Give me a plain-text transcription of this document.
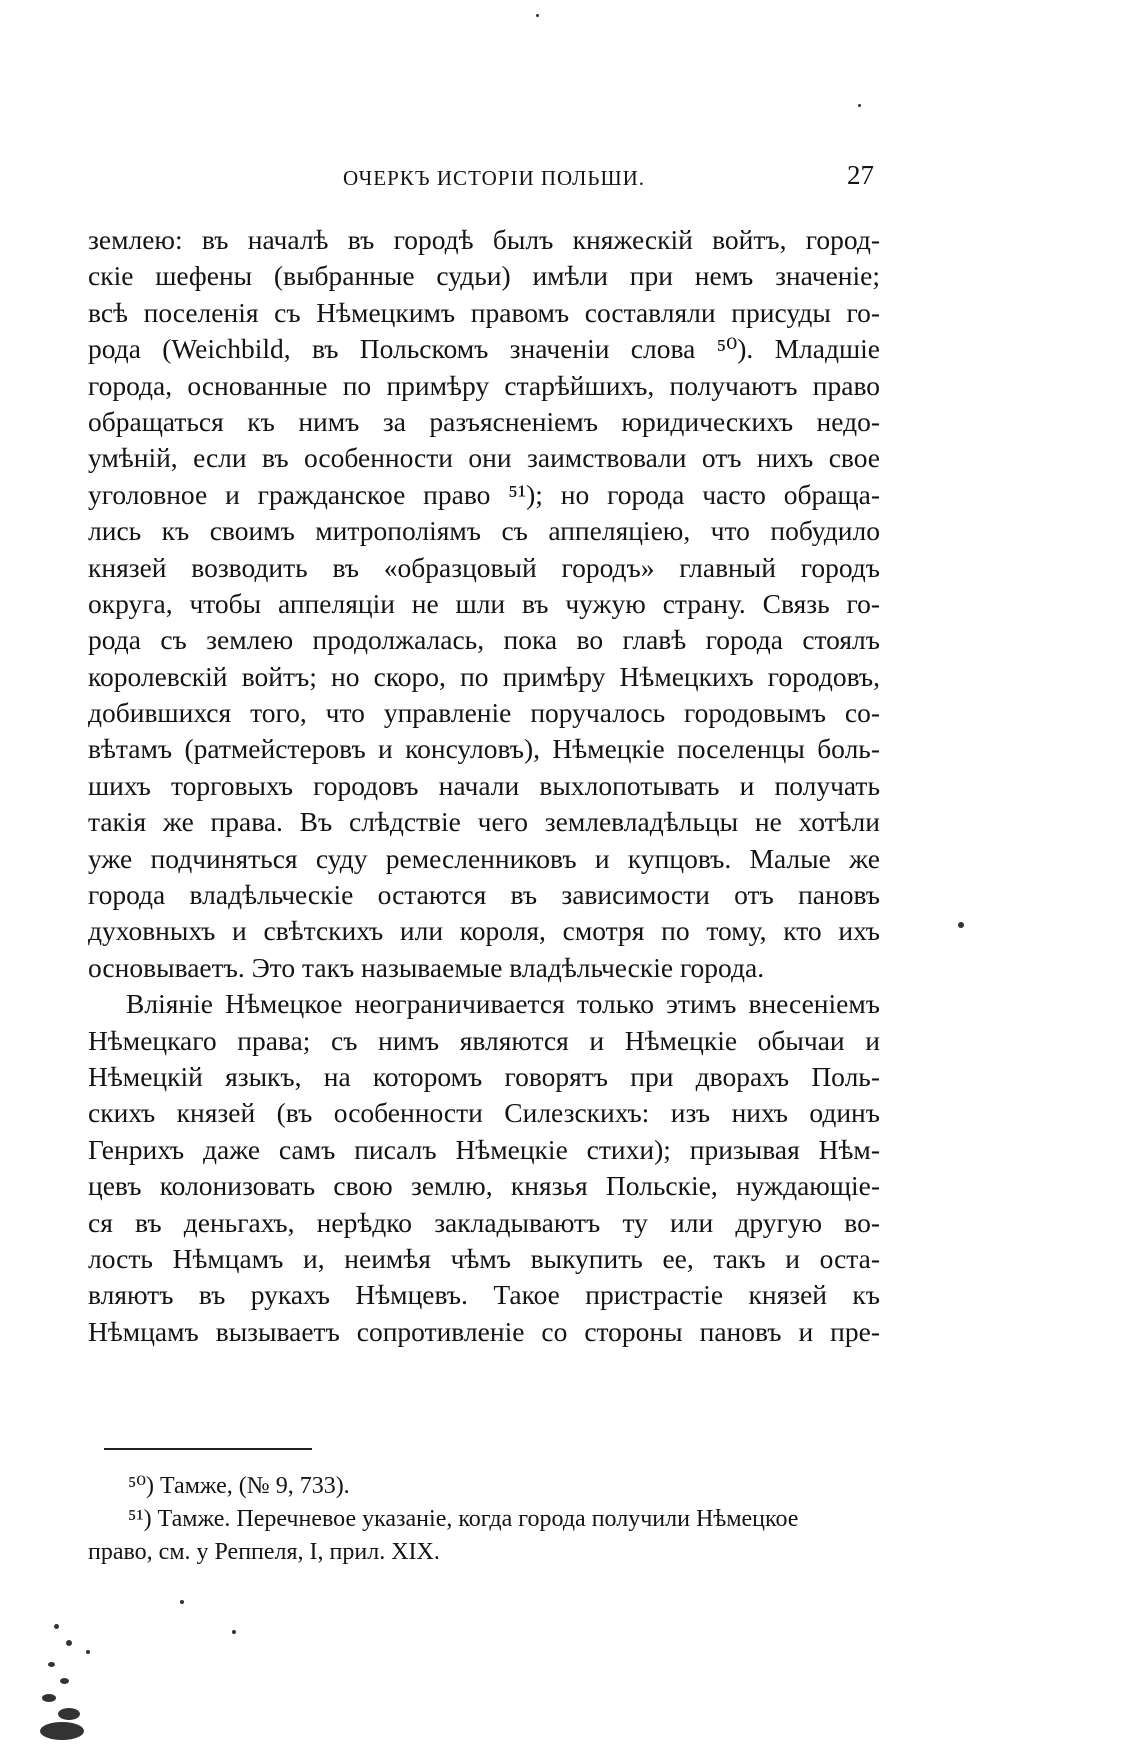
ОЧЕРКЪ ИСТОРІИ ПОЛЬШИ.	27
землею: въ началѣ въ городѣ былъ княжескій войтъ, город-
скіе шефены (выбранные судьи) имѣли при немъ значеніе;
всѣ поселенія съ Нѣмецкимъ правомъ составляли присуды го-
рода (Weichbild, въ Польскомъ значеніи слова ⁵⁰). Младшіе
города, основанные по примѣру старѣйшихъ, получаютъ право
обращаться къ нимъ за разъясненіемъ юридическихъ недо-
умѣній, если въ особенности они заимствовали отъ нихъ свое
уголовное и гражданское право ⁵¹); но города часто обраща-
лись къ своимъ митрополіямъ съ аппеляціею, что побудило
князей возводить въ «образцовый городъ» главный городъ
округа, чтобы аппеляціи не шли въ чужую страну. Связь го-
рода съ землею продолжалась, пока во главѣ города стоялъ
королевскій войтъ; но скоро, по примѣру Нѣмецкихъ городовъ,
добившихся того, что управленіе поручалось городовымъ со-
вѣтамъ (ратмейстеровъ и консуловъ), Нѣмецкіе поселенцы боль-
шихъ торговыхъ городовъ начали выхлопотывать и получать
такія же права. Въ слѣдствіе чего землевладѣльцы не хотѣли
уже подчиняться суду ремесленниковъ и купцовъ. Малые же
города владѣльческіе остаются въ зависимости отъ пановъ
духовныхъ и свѣтскихъ или короля, смотря по тому, кто ихъ
основываетъ. Это такъ называемые владѣльческіе города.
Вліяніе Нѣмецкое неограничивается только этимъ внесеніемъ
Нѣмецкаго права; съ нимъ являются и Нѣмецкіе обычаи и
Нѣмецкій языкъ, на которомъ говорятъ при дворахъ Поль-
скихъ князей (въ особенности Силезскихъ: изъ нихъ одинъ
Генрихъ даже самъ писалъ Нѣмецкіе стихи); призывая Нѣм-
цевъ колонизовать свою землю, князья Польскіе, нуждающіе-
ся въ деньгахъ, нерѣдко закладываютъ ту или другую во-
лость Нѣмцамъ и, неимѣя чѣмъ выкупить ее, такъ и оста-
вляютъ въ рукахъ Нѣмцевъ. Такое пристрастіе князей къ
Нѣмцамъ вызываетъ сопротивленіе со стороны пановъ и пре-
⁵⁰) Тамже, (№ 9, 733).
⁵¹) Тамже. Перечневое указаніе, когда города получили Нѣмецкое
право, см. у Реппеля, I, прил. XIX.
